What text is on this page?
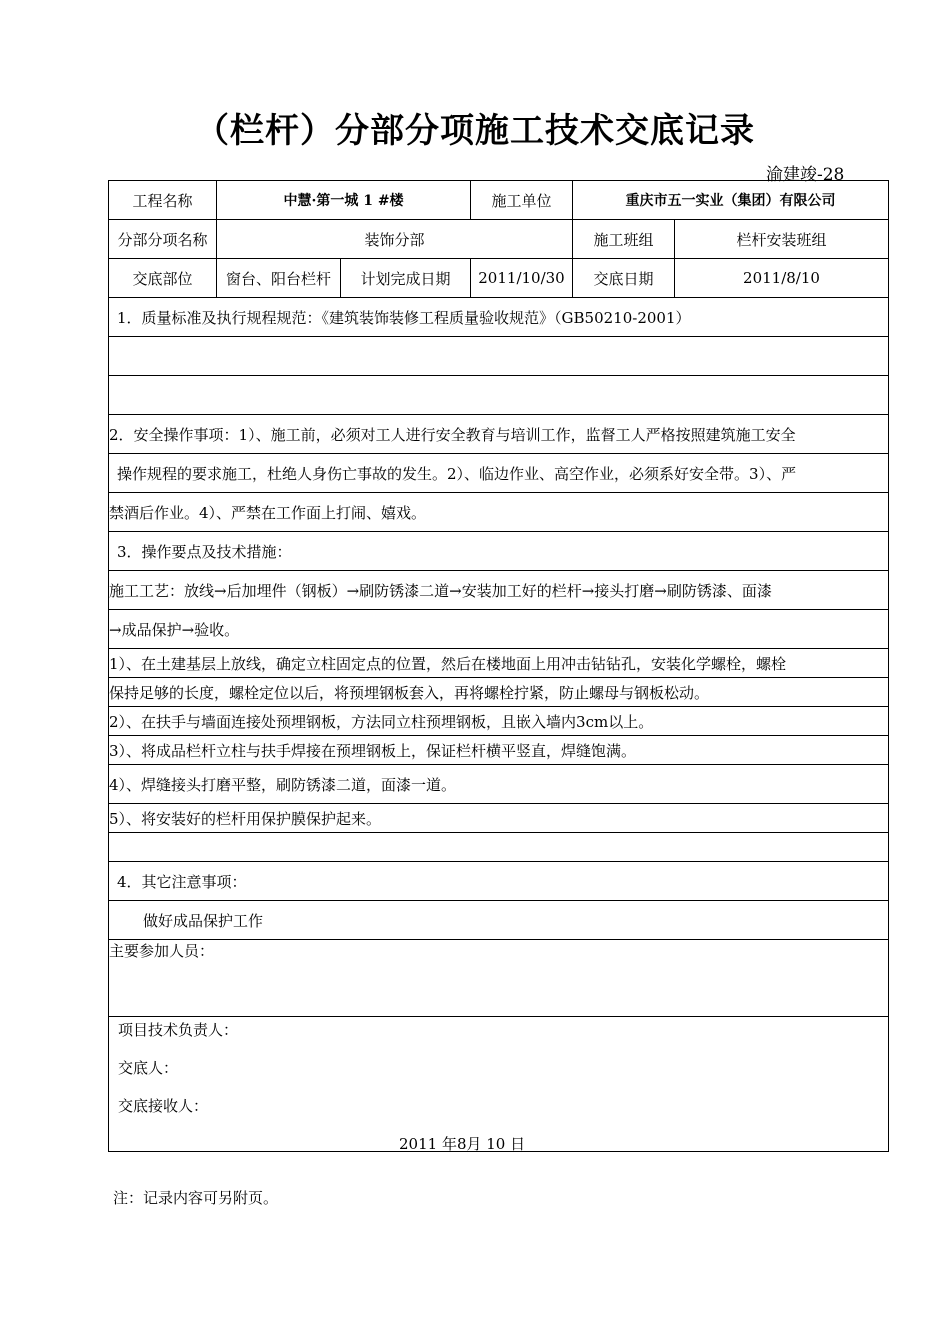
（栏杆）分部分项施工技术交底记录
渝建竣-28
工程名称	中慧·第一城 1 #楼		施工单位	重庆市五一实业（集团）有限公司	
分部分项名称	装饰分部			施工班组	栏杆安装班组
交底部位	窗台、阳台栏杆	计划完成日期	2011/10/30	交底日期	2011/8/10
1．质量标准及执行规程规范：《建筑装饰装修工程质量验收规范》（GB50210-2001）					

2．安全操作事项：1）、施工前，必须对工人进行安全教育与培训工作，监督工人严格按照建筑施工安全					
操作规程的要求施工，杜绝人身伤亡事故的发生。2）、临边作业、高空作业，必须系好安全带。3）、严					
禁酒后作业。4）、严禁在工作面上打闹、嬉戏。					
3．操作要点及技术措施：					
施工工艺：放线→后加埋件（钢板）→刷防锈漆二道→安装加工好的栏杆→接头打磨→刷防锈漆、面漆					
→成品保护→验收。					
1）、在土建基层上放线，确定立柱固定点的位置，然后在楼地面上用冲击钻钻孔，安装化学螺栓，螺栓					
保持足够的长度，螺栓定位以后，将预埋钢板套入，再将螺栓拧紧，防止螺母与钢板松动。					
2）、在扶手与墙面连接处预埋钢板，方法同立柱预埋钢板，且嵌入墙内3cm以上。					
3）、将成品栏杆立柱与扶手焊接在预埋钢板上，保证栏杆横平竖直，焊缝饱满。					
4）、焊缝接头打磨平整，刷防锈漆二道，面漆一道。					
5）、将安装好的栏杆用保护膜保护起来。					

4．其它注意事项：					
做好成品保护工作					
主要参加人员：					

项目技术负责人：
交底人：
交底接收人：
2011 年8月 10 日					
注：记录内容可另附页。
